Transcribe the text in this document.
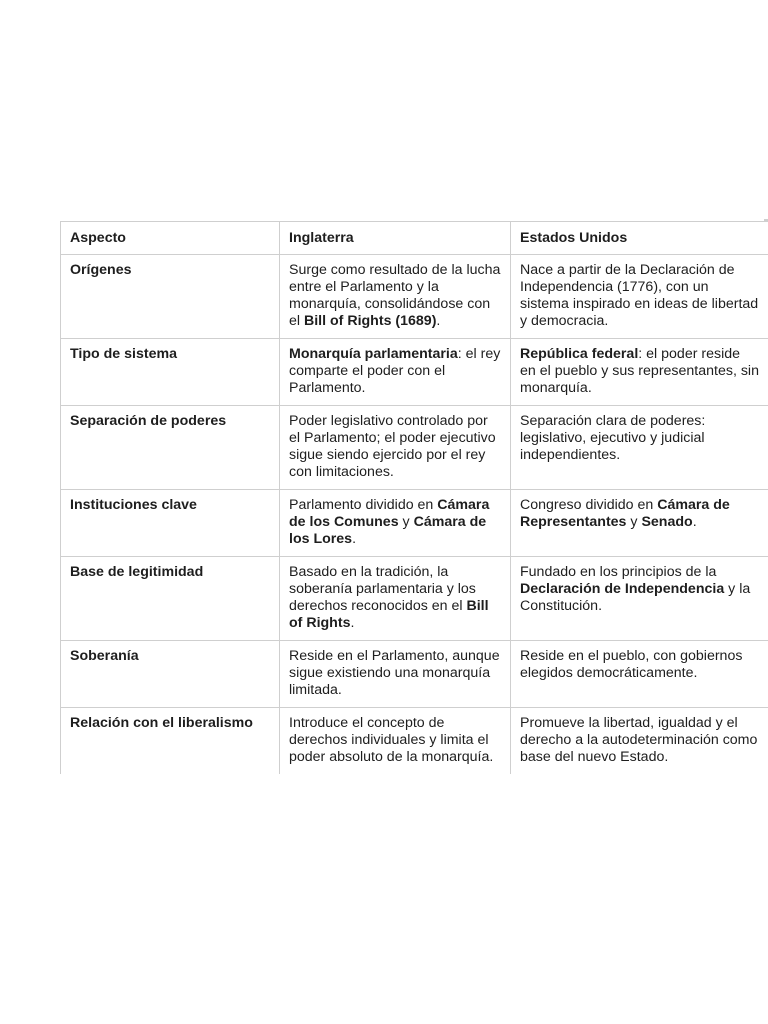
Aspecto	Inglaterra	Estados Unidos
Orígenes	Surge como resultado de la lucha entre el Parlamento y la monarquía, consolidándose con el Bill of Rights (1689).	Nace a partir de la Declaración de Independencia (1776), con un sistema inspirado en ideas de libertad y democracia.
Tipo de sistema	Monarquía parlamentaria: el rey comparte el poder con el Parlamento.	República federal: el poder reside en el pueblo y sus representantes, sin monarquía.
Separación de poderes	Poder legislativo controlado por el Parlamento; el poder ejecutivo sigue siendo ejercido por el rey con limitaciones.	Separación clara de poderes: legislativo, ejecutivo y judicial independientes.
Instituciones clave	Parlamento dividido en Cámara de los Comunes y Cámara de los Lores.	Congreso dividido en Cámara de Representantes y Senado.
Base de legitimidad	Basado en la tradición, la soberanía parlamentaria y los derechos reconocidos en el Bill of Rights.	Fundado en los principios de la Declaración de Independencia y la Constitución.
Soberanía	Reside en el Parlamento, aunque sigue existiendo una monarquía limitada.	Reside en el pueblo, con gobiernos elegidos democráticamente.
Relación con el liberalismo	Introduce el concepto de derechos individuales y limita el poder absoluto de la monarquía.	Promueve la libertad, igualdad y el derecho a la autodeterminación como base del nuevo Estado.
